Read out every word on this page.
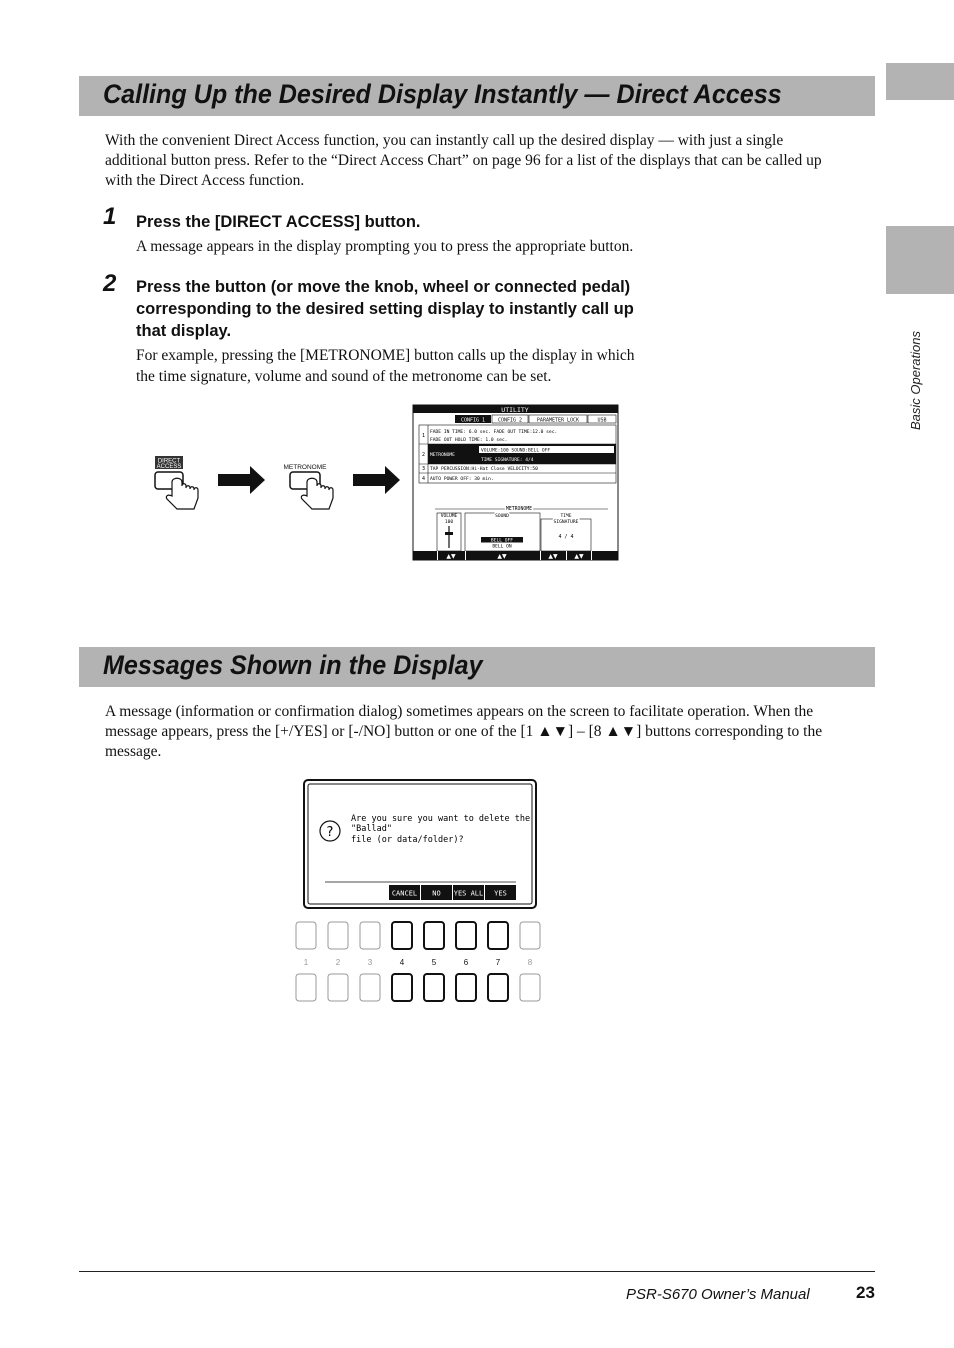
Basic Operations
Calling Up the Desired Display Instantly — Direct Access
With the convenient Direct Access function, you can instantly call up the desired display — with just a single
additional button press. Refer to the “Direct Access Chart” on page 96 for a list of the displays that can be called up
with the Direct Access function.
1 Press the [DIRECT ACCESS] button.
A message appears in the display prompting you to press the appropriate button.
2 Press the button (or move the knob, wheel or connected pedal)
corresponding to the desired setting display to instantly call up
that display.
For example, pressing the [METRONOME] button calls up the display in which
the time signature, volume and sound of the metronome can be set.
DIRECT
ACCESS	METRONOME
UTILITY
CONFIG 1	CONFIG 2	PARAMETER LOCK	USB
1
FADE IN TIME: 6.0 sec. FADE OUT TIME:12.0 sec.
FADE OUT HOLD TIME: 1.0 sec.
2 METRONOME
VOLUME:100 SOUND:BELL OFF
TIME SIGNATURE: 4/4
3 TAP PERCUSSION:Hi-Hat Close VELOCITY:50
4 AUTO POWER OFF: 30 min.
METRONOME
VOLUME
100
SOUND
BELL OFF
BELL ON
TIME
SIGNATURE
4 / 4
▲▼	▲▼	▲▼	▲▼
Messages Shown in the Display
A message (information or confirmation dialog) sometimes appears on the screen to facilitate operation. When the
message appears, press the [+/YES] or [-/NO] button or one of the [1 ▲▼] – [8 ▲▼] buttons corresponding to the
message.
?
Are you sure you want to delete the
"Ballad"
file (or data/folder)?
CANCEL NO YES ALL YES
1	2	3	4	5	6	7	8
PSR-S670 Owner’s Manual	23
